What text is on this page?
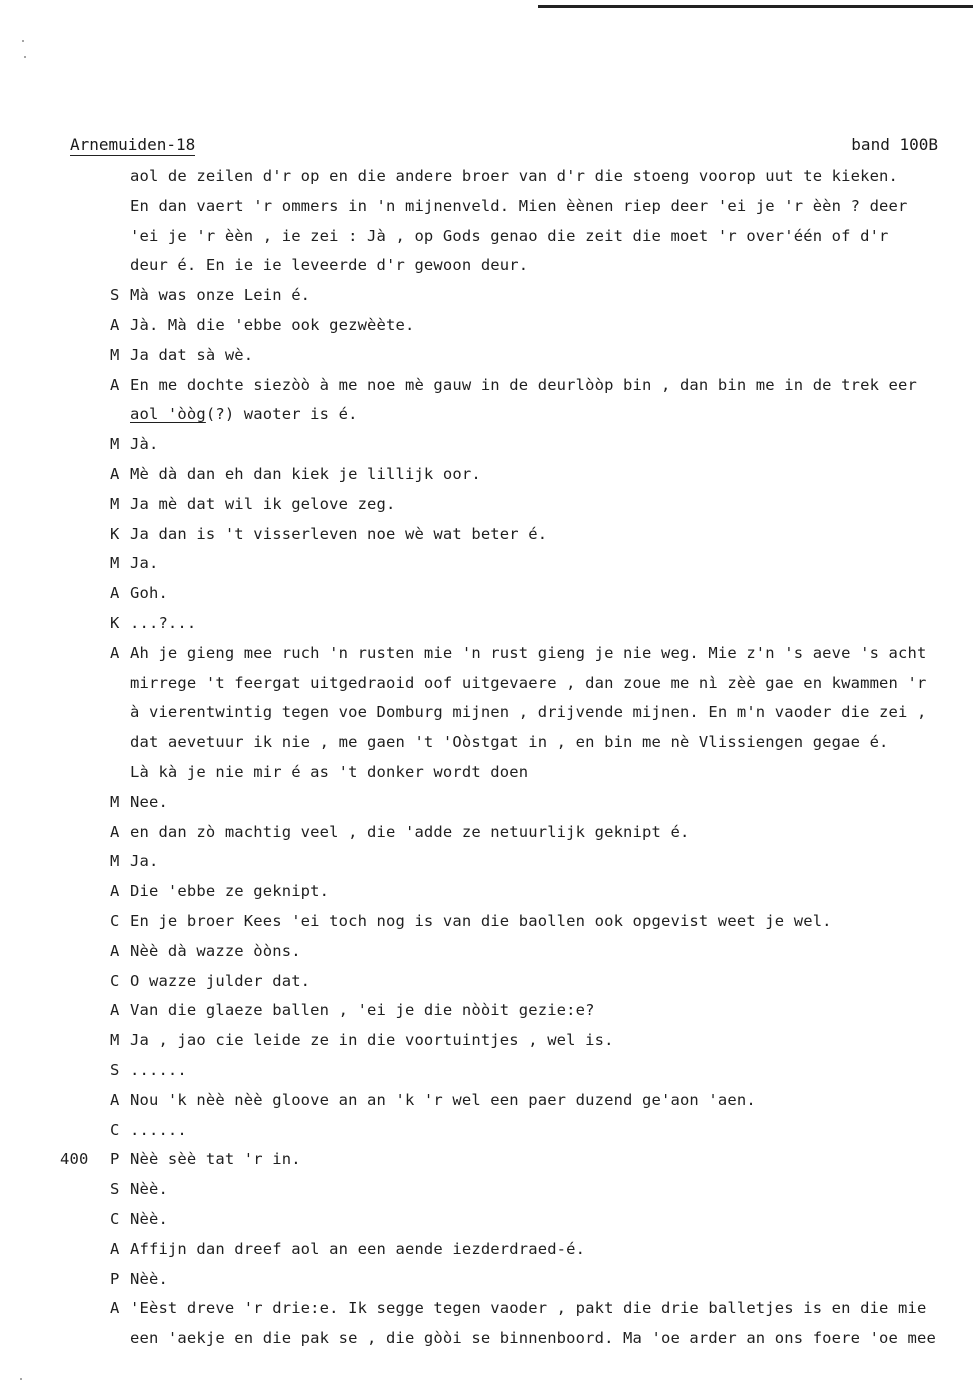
Arnemuiden-18	band 100B
aol de zeilen d'r op en die andere broer van d'r die stoeng voorop uut te kieken.
En dan vaert 'r ommers in 'n mijnenveld. Mien èènen riep deer 'ei je 'r èèn ? deer
'ei je 'r èèn , ie zei : Jà , op Gods genao die zeit die moet 'r over'één of d'r
deur é. En ie ie leveerde d'r gewoon deur.
S Mà was onze Lein é.
A Jà. Mà die 'ebbe ook gezwèète.
M Ja dat sà wè.
A En me dochte siezòò à me noe mè gauw in de deurlòòp bin , dan bin me in de trek eer
aol 'òòg(?) waoter is é.
M Jà.
A Mè dà dan eh dan kiek je lillijk oor.
M Ja mè dat wil ik gelove zeg.
K Ja dan is 't visserleven noe wè wat beter é.
M Ja.
A Goh.
K ...?...
A Ah je gieng mee ruch 'n rusten mie 'n rust gieng je nie weg. Mie z'n 's aeve 's acht
mirrege 't feergat uitgedraoid oof uitgevaere , dan zoue me nì zèè gae en kwammen 'r
à vierentwintig tegen voe Domburg mijnen , drijvende mijnen. En m'n vaoder die zei ,
dat aevetuur ik nie , me gaen 't 'Oòstgat in , en bin me nè Vlissiengen gegae é.
Là kà je nie mir é as 't donker wordt doen
M Nee.
A en dan zò machtig veel , die 'adde ze netuurlijk geknipt é.
M Ja.
A Die 'ebbe ze geknipt.
C En je broer Kees 'ei toch nog is van die baollen ook opgevist weet je wel.
A Nèè dà wazze òòns.
C O wazze julder dat.
A Van die glaeze ballen , 'ei je die nòòit gezie:e?
M Ja , jao cie leide ze in die voortuintjes , wel is.
S ......
A Nou 'k nèè nèè gloove an an 'k 'r wel een paer duzend ge'aon 'aen.
C ......
400 P Nèè sèè tat 'r in.
S Nèè.
C Nèè.
A Affijn dan dreef aol an een aende iezderdraed-é.
P Nèè.
A 'Eèst dreve 'r drie:e. Ik segge tegen vaoder , pakt die drie balletjes is en die mie
een 'aekje en die pak se , die gòòi se binnenboord. Ma 'oe arder an ons foere 'oe mee
